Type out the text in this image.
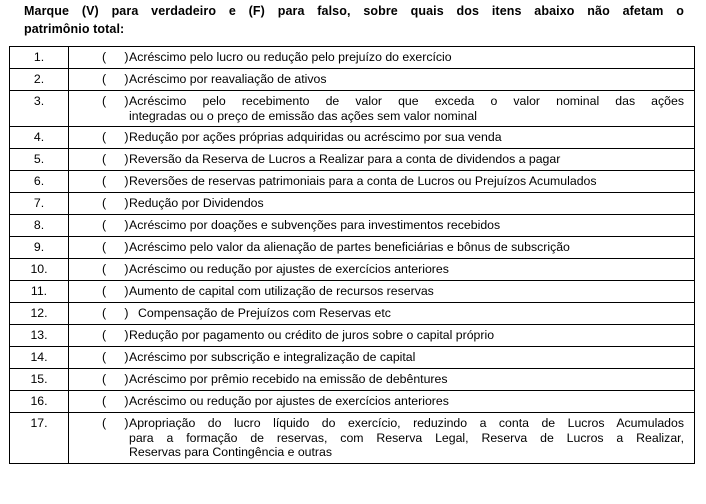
Marque (V) para verdadeiro e (F) para falso, sobre quais dos itens abaixo não afetam o
patrimônio total:
1.	(     ) Acréscimo pelo lucro ou redução pelo prejuízo do exercício

2.	(     ) Acréscimo por reavaliação de ativos

3.	(     ) Acréscimo pelo recebimento de valor que exceda o valor nominal das ações
integradas ou o preço de emissão das ações sem valor nominal

4.	(     ) Redução por ações próprias adquiridas ou acréscimo por sua venda

5.	(     ) Reversão da Reserva de Lucros a Realizar para a conta de dividendos a pagar

6.	(     ) Reversões de reservas patrimoniais para a conta de Lucros ou Prejuízos Acumulados

7.	(     ) Redução por Dividendos

8.	(     ) Acréscimo por doações e subvenções para investimentos recebidos

9.	(     ) Acréscimo pelo valor da alienação de partes beneficiárias e bônus de subscrição

10.	(     ) Acréscimo ou redução por ajustes de exercícios anteriores

11.	(     ) Aumento de capital com utilização de recursos reservas

12.	(     ) Compensação de Prejuízos com Reservas etc

13.	(     ) Redução por pagamento ou crédito de juros sobre o capital próprio

14.	(     ) Acréscimo por subscrição e integralização de capital

15.	(     ) Acréscimo por prêmio recebido na emissão de debêntures

16.	(     ) Acréscimo ou redução por ajustes de exercícios anteriores

17.	(     ) Apropriação do lucro líquido do exercício, reduzindo a conta de Lucros Acumulados
para a formação de reservas, com Reserva Legal, Reserva de Lucros a Realizar,
Reservas para Contingência e outras
